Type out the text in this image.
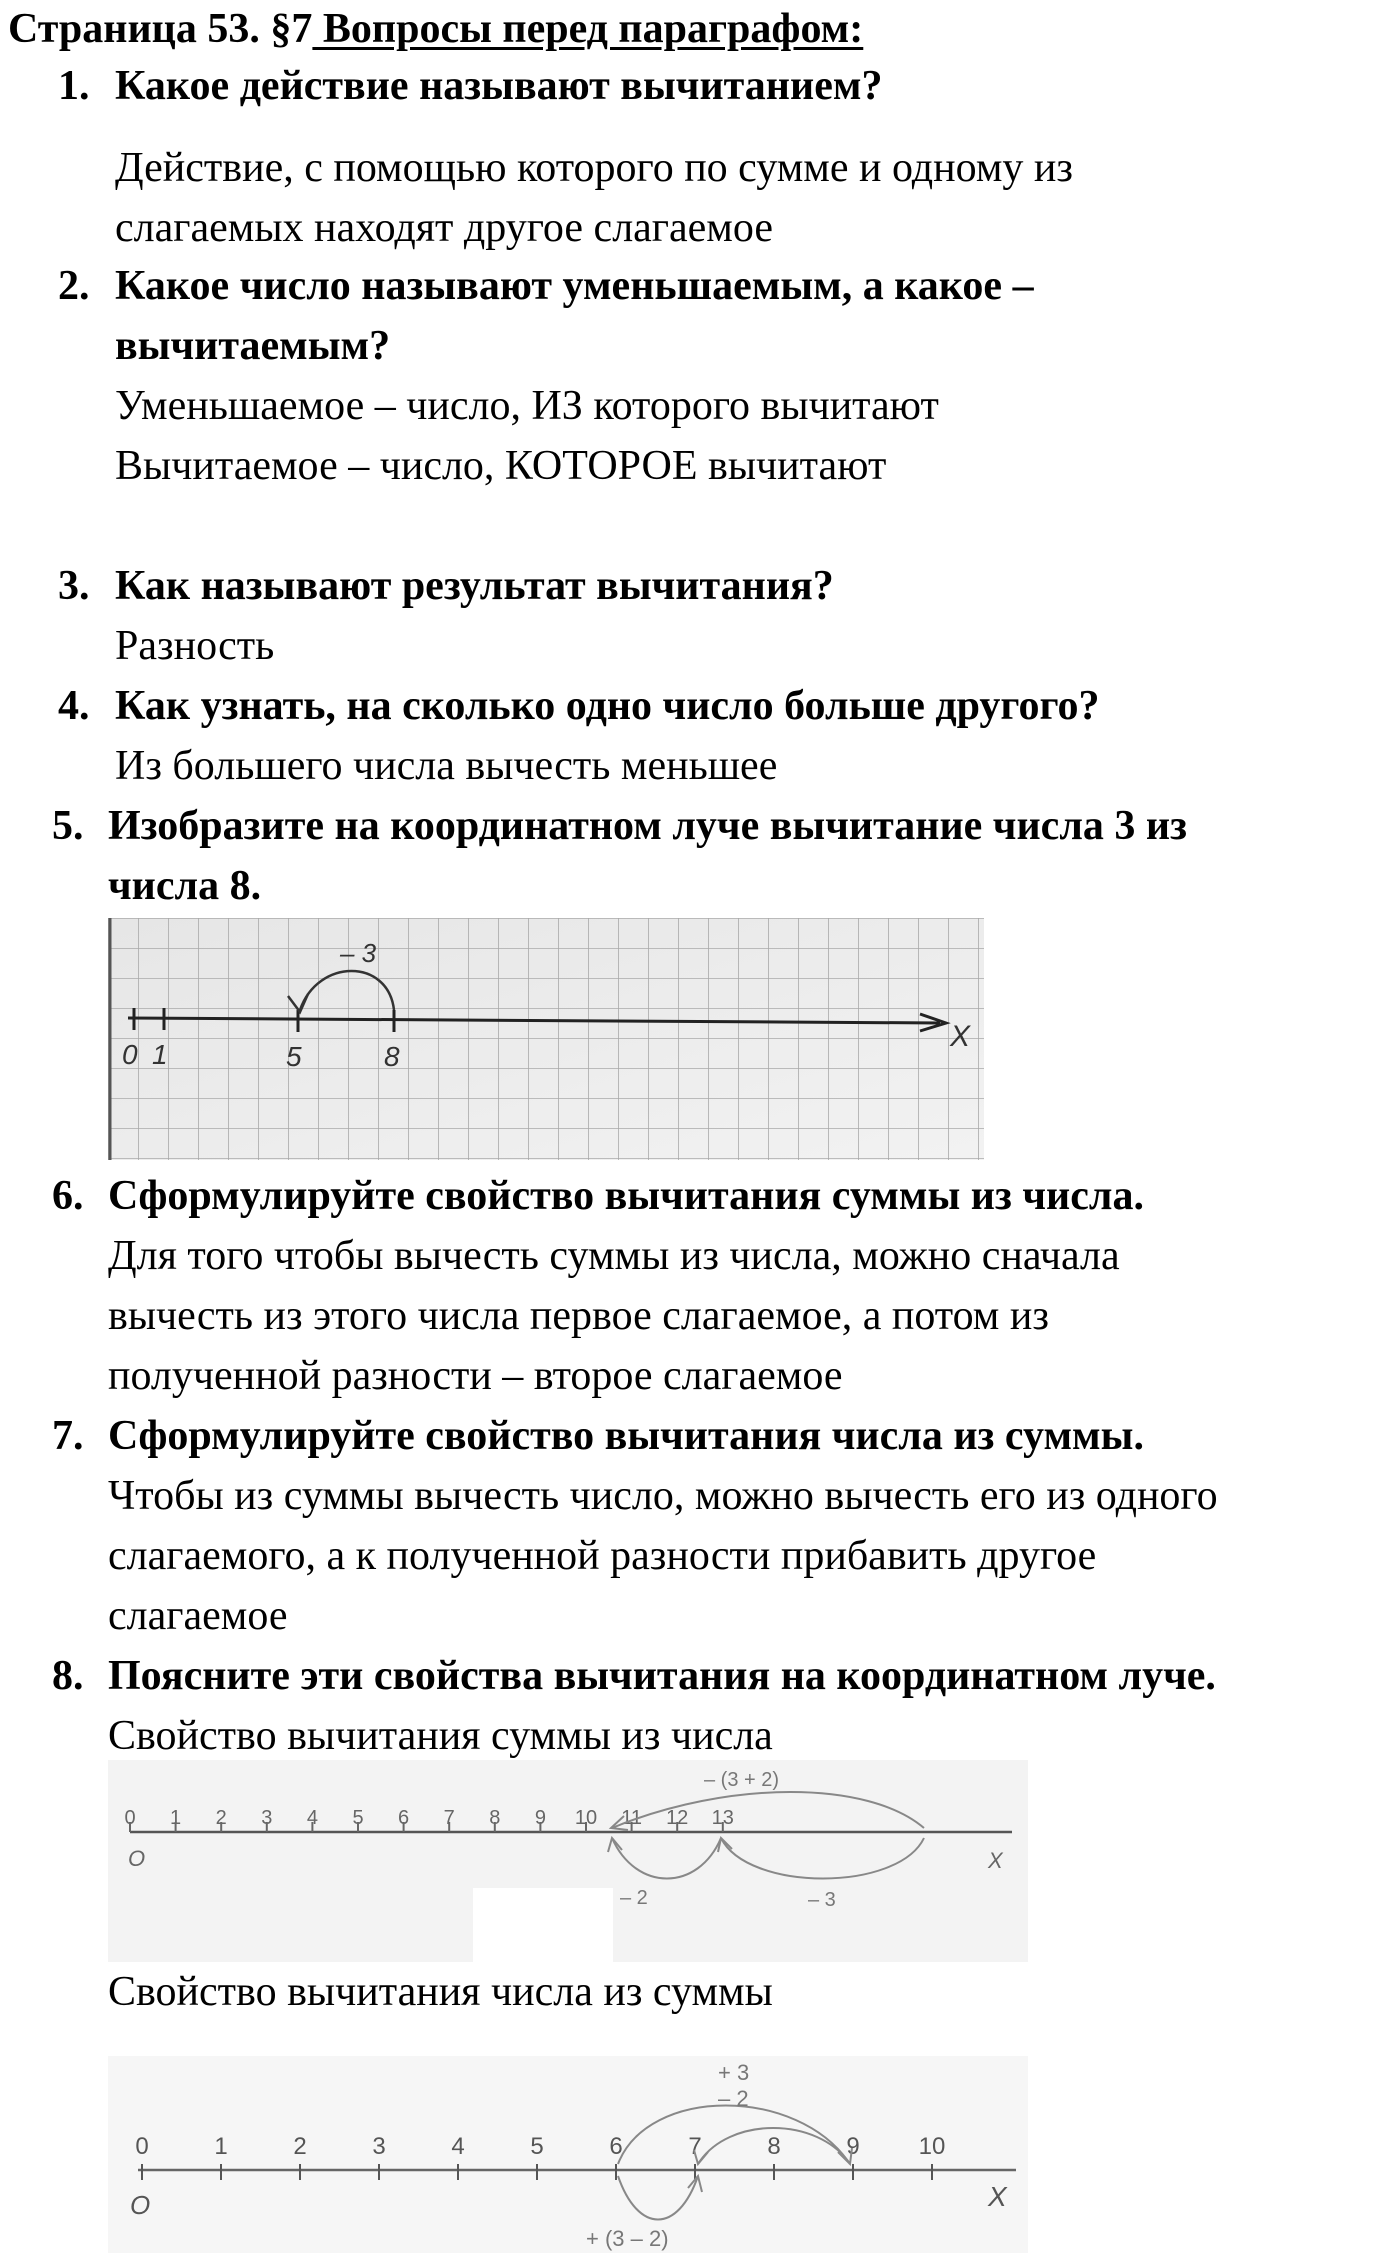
Страница 53. §7 Вопросы перед параграфом:
1. Какое действие называют вычитанием?
Действие, с помощью которого по сумме и одному из
слагаемых находят другое слагаемое
2. Какое число называют уменьшаемым, а какое –
вычитаемым?
Уменьшаемое – число, ИЗ которого вычитают
Вычитаемое – число, КОТОРОЕ вычитают
3. Как называют результат вычитания?
Разность
4. Как узнать, на сколько одно число больше другого?
Из большего числа вычесть меньшее
5. Изобразите на координатном луче вычитание числа 3 из
числа 8.
– 3
0 1	5	8
X
6. Сформулируйте свойство вычитания суммы из числа.
Для того чтобы вычесть суммы из числа, можно сначала
вычесть из этого числа первое слагаемое, а потом из
полученной разности – второе слагаемое
7. Сформулируйте свойство вычитания числа из суммы.
Чтобы из суммы вычесть число, можно вычесть его из одного
слагаемого, а к полученной разности прибавить другое
слагаемое
8. Поясните эти свойства вычитания на координатном луче.
Свойство вычитания суммы из числа
0 1 2 3 4 5 6 7 8 9 10 11 12 13
O	X
– (3 + 2)
– 2	– 3
Свойство вычитания числа из суммы
0	1	2	3	4	5	6	7	8	9 10
O	X
+ 3
– 2
+ (3 – 2)
